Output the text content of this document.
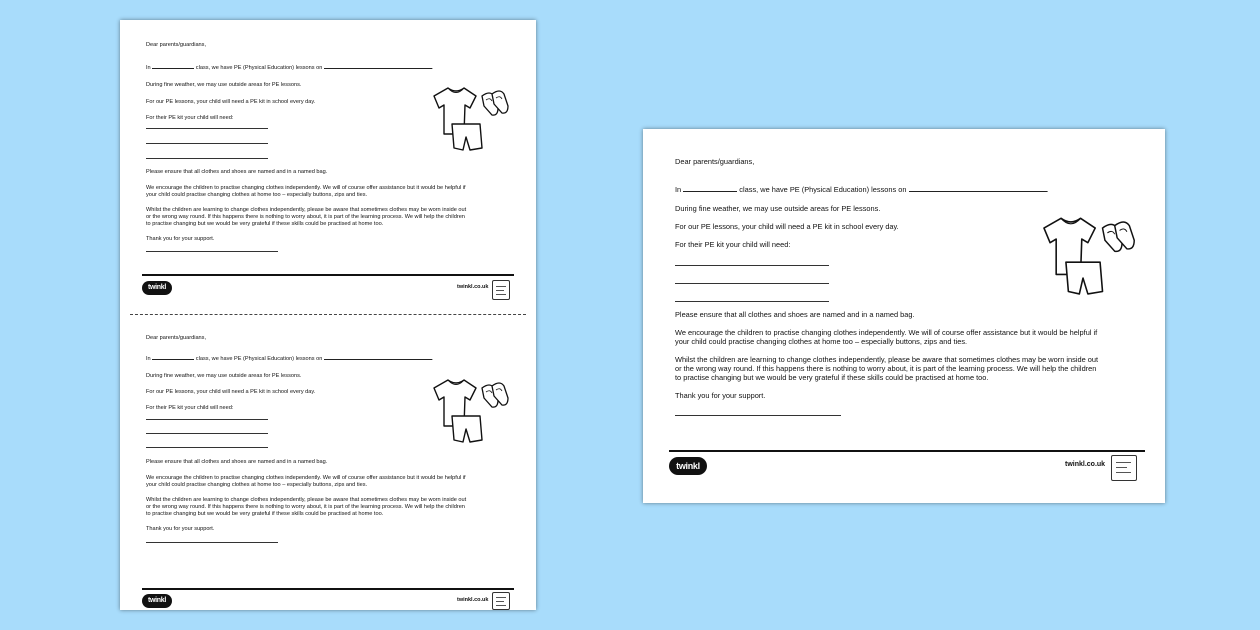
Dear parents/guardians,

In	class, we have PE (Physical Education) lessons on	.

During fine weather, we may use outside areas for PE lessons.

For our PE lessons, your child will need a PE kit in school every day.

For their PE kit your child will need:

Please ensure that all clothes and shoes are named and in a named bag.

We encourage the children to practise changing clothes independently. We will of course offer assistance but it would be helpful if

your child could practise changing clothes at home too – especially buttons, zips and ties.

Whilst the children are learning to change clothes independently, please be aware that sometimes clothes may be worn inside out

or the wrong way round. If this happens there is nothing to worry about, it is part of the learning process. We will help the children

to practise changing but we would be very grateful if these skills could be practised at home too.

Thank you for your support.

twinkl	twinkl.co.uk

Dear parents/guardians,

In	class, we have PE (Physical Education) lessons on	.

During fine weather, we may use outside areas for PE lessons.

For our PE lessons, your child will need a PE kit in school every day.

For their PE kit your child will need:

Please ensure that all clothes and shoes are named and in a named bag.

We encourage the children to practise changing clothes independently. We will of course offer assistance but it would be helpful if

your child could practise changing clothes at home too – especially buttons, zips and ties.

Whilst the children are learning to change clothes independently, please be aware that sometimes clothes may be worn inside out

or the wrong way round. If this happens there is nothing to worry about, it is part of the learning process. We will help the children

to practise changing but we would be very grateful if these skills could be practised at home too.

Thank you for your support.

twinkl	twinkl.co.uk

Dear parents/guardians,

In	class, we have PE (Physical Education) lessons on	.

During fine weather, we may use outside areas for PE lessons.

For our PE lessons, your child will need a PE kit in school every day.

For their PE kit your child will need:

Please ensure that all clothes and shoes are named and in a named bag.

We encourage the children to practise changing clothes independently. We will of course offer assistance but it would be helpful if

your child could practise changing clothes at home too – especially buttons, zips and ties.

Whilst the children are learning to change clothes independently, please be aware that sometimes clothes may be worn inside out

or the wrong way round. If this happens there is nothing to worry about, it is part of the learning process. We will help the children

to practise changing but we would be very grateful if these skills could be practised at home too.

Thank you for your support.

twinkl	twinkl.co.uk
